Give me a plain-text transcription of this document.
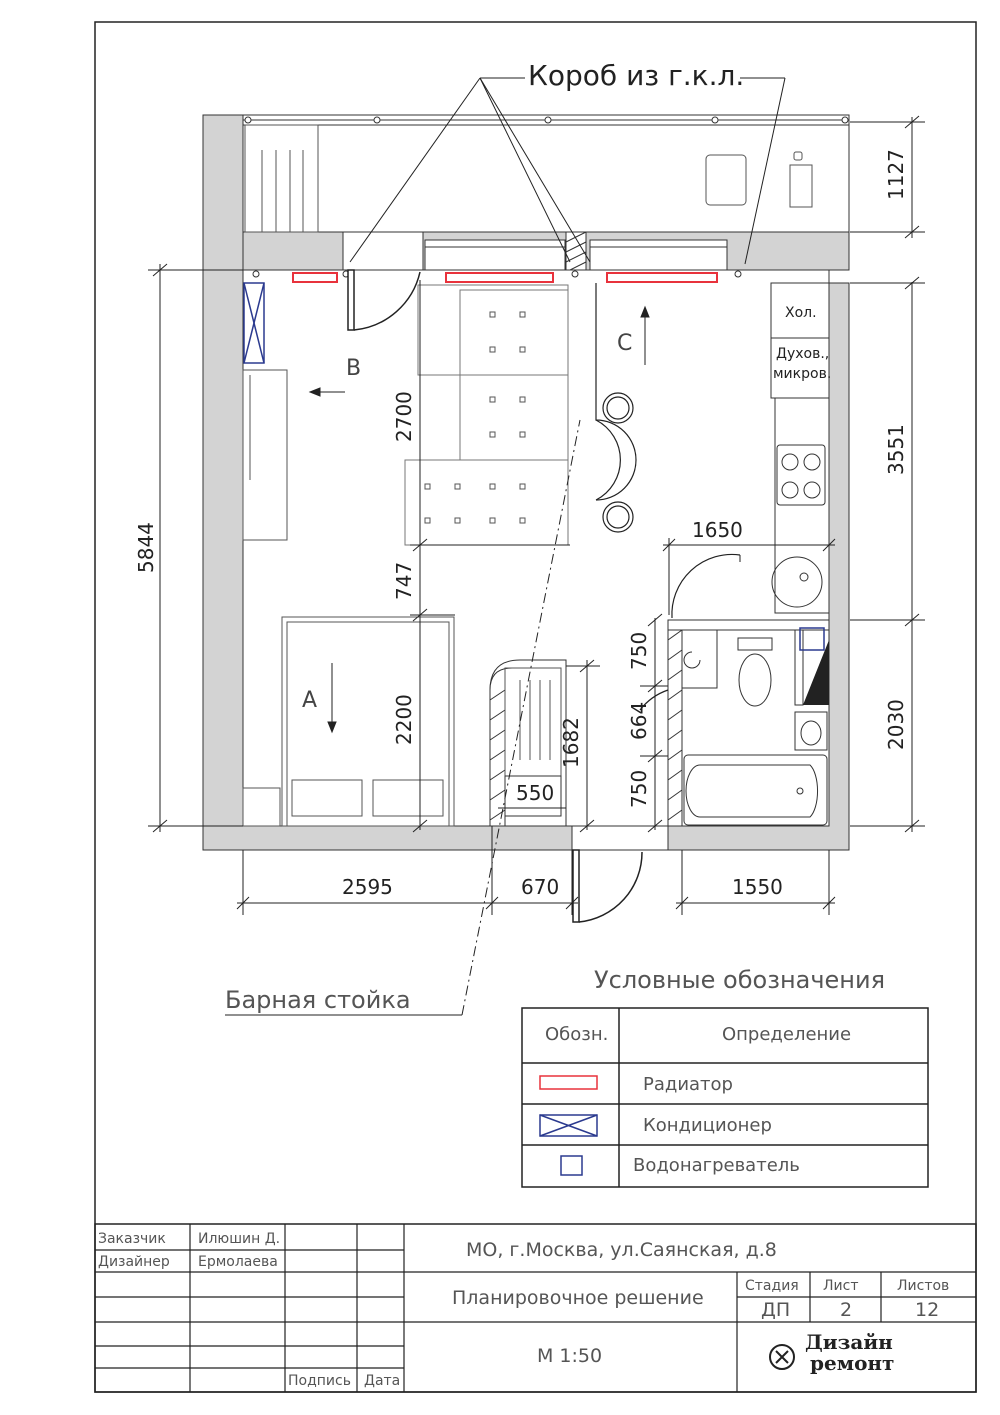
1127
3551
2030
5844
2700
747
2200	1682
750
664
750
1650
550
2595	670	1550
Хол.
Духов.,
микров.
B
C
A
Короб из г.к.л.
Барная стойка
Условные обозначения
Обозн.	Определение
Радиатор
Кондиционер
Водонагреватель
Заказчик Илюшин Д.
Дизайнер Ермолаева
Подпись Дата
Стадия Лист	Листов
МО, г.Москва, ул.Саянская, д.8
Планировочное решение
ДП	2	12
М 1:50
Дизайн
ремонт
